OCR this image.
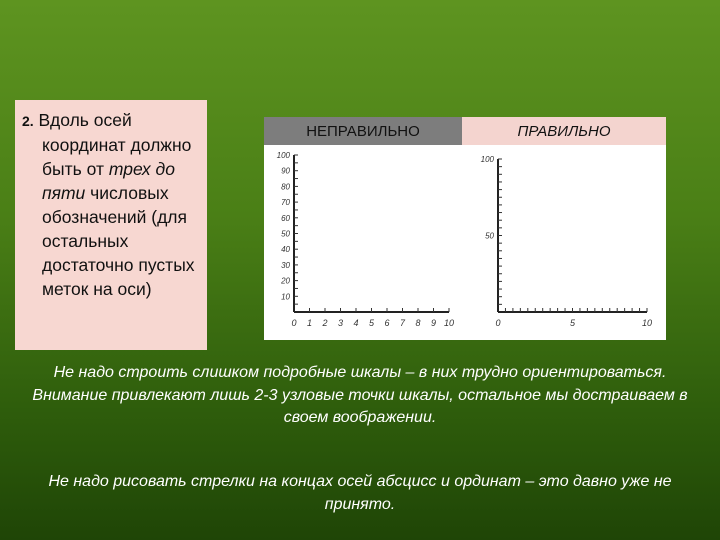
2. Вдоль осей координат должно быть от трех до пяти числовых обозначений (для остальных достаточно пустых меток на оси)

НЕПРАВИЛЬНО
100
90
80
70
60
50
40
30
20
10
0 1 2 3 4 5 6 7 8 9 10
ПРАВИЛЬНО
100
50
0	5	10

Не надо строить слишком подробные шкалы – в них трудно ориентироваться. Внимание привлекают лишь 2-3 узловые точки шкалы, остальное мы достраиваем в своем воображении.

Не надо рисовать стрелки на концах осей абсцисс и ординат – это давно уже не принято.
